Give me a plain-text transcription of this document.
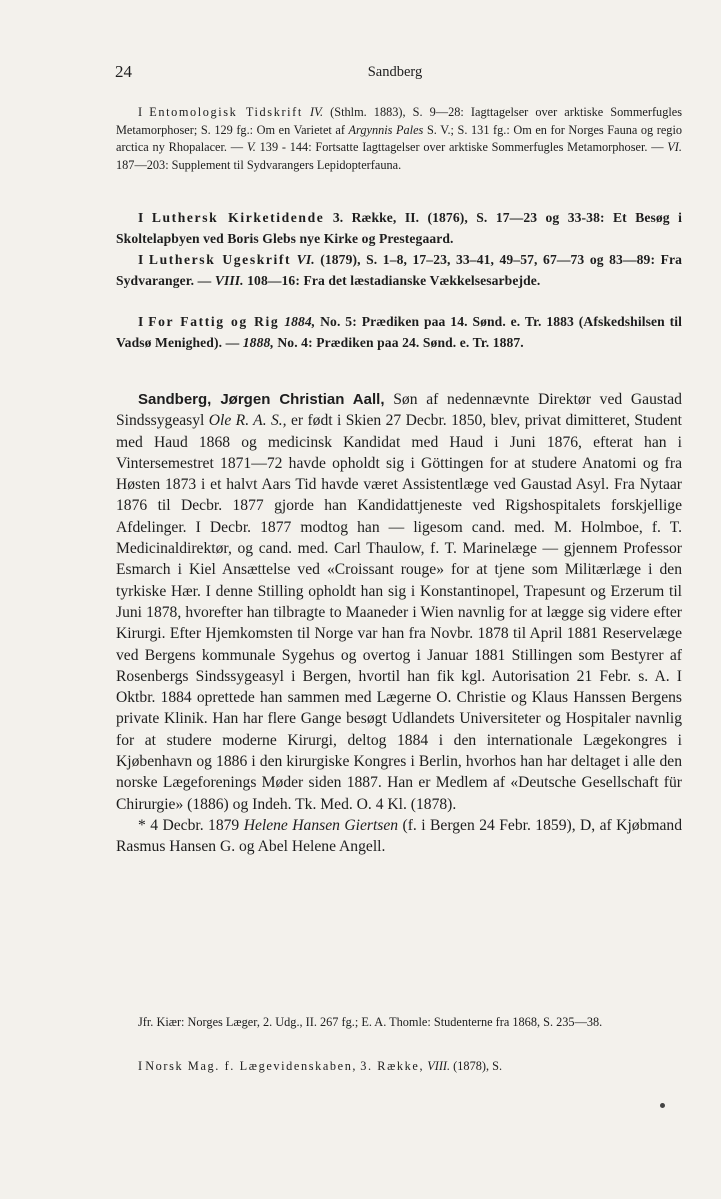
24	Sandberg

I Entomologisk Tidskrift IV. (Sthlm. 1883), S. 9—28: Iagttagelser over arktiske Sommerfugles Metamorphoser; S. 129 fg.: Om en Varietet af Argynnis Pales S. V.; S. 131 fg.: Om en for Norges Fauna og regio arctica ny Rhopalacer. — V. 139 - 144: Fortsatte Iagttagelser over arktiske Sommerfugles Metamorphoser. — VI. 187—203: Supplement til Sydvarangers Lepidopterfauna.

I Luthersk Kirketidende 3. Række, II. (1876), S. 17—23 og 33-38: Et Besøg i Skoltelapbyen ved Boris Glebs nye Kirke og Prestegaard.

I Luthersk Ugeskrift VI. (1879), S. 1–8, 17–23, 33–41, 49–57, 67—73 og 83—89: Fra Sydvaranger. — VIII. 108—16: Fra det læstadianske Vækkelsesarbejde.

I For Fattig og Rig 1884, No. 5: Prædiken paa 14. Sønd. e. Tr. 1883 (Afskedshilsen til Vadsø Menighed). — 1888, No. 4: Prædiken paa 24. Sønd. e. Tr. 1887.

Sandberg, Jørgen Christian Aall, Søn af nedennævnte Direktør ved Gaustad Sindssygeasyl Ole R. A. S., er født i Skien 27 Decbr. 1850, blev, privat dimitteret, Student med Haud 1868 og medicinsk Kandidat med Haud i Juni 1876, efterat han i Vintersemestret 1871—72 havde opholdt sig i Göttingen for at studere Anatomi og fra Høsten 1873 i et halvt Aars Tid havde været Assistentlæge ved Gaustad Asyl. Fra Nytaar 1876 til Decbr. 1877 gjorde han Kandidattjeneste ved Rigshospitalets forskjellige Afdelinger. I Decbr. 1877 modtog han — ligesom cand. med. M. Holmboe, f. T. Medicinaldirektør, og cand. med. Carl Thaulow, f. T. Marinelæge — gjennem Professor Esmarch i Kiel Ansættelse ved «Croissant rouge» for at tjene som Militærlæge i den tyrkiske Hær. I denne Stilling opholdt han sig i Konstantinopel, Trapesunt og Erzerum til Juni 1878, hvorefter han tilbragte to Maaneder i Wien navnlig for at lægge sig videre efter Kirurgi. Efter Hjemkomsten til Norge var han fra Novbr. 1878 til April 1881 Reservelæge ved Bergens kommunale Sygehus og overtog i Januar 1881 Stillingen som Bestyrer af Rosenbergs Sindssygeasyl i Bergen, hvortil han fik kgl. Autorisation 21 Febr. s. A. I Oktbr. 1884 oprettede han sammen med Lægerne O. Christie og Klaus Hanssen Bergens private Klinik. Han har flere Gange besøgt Udlandets Universiteter og Hospitaler navnlig for at studere moderne Kirurgi, deltog 1884 i den internationale Lægekongres i Kjøbenhavn og 1886 i den kirurgiske Kongres i Berlin, hvorhos han har deltaget i alle den norske Lægeforenings Møder siden 1887. Han er Medlem af «Deutsche Gesellschaft für Chirurgie» (1886) og Indeh. Tk. Med. O. 4 Kl. (1878).

* 4 Decbr. 1879 Helene Hansen Giertsen (f. i Bergen 24 Febr. 1859), D, af Kjøbmand Rasmus Hansen G. og Abel Helene Angell.

Jfr. Kiær: Norges Læger, 2. Udg., II. 267 fg.; E. A. Thomle: Studenterne fra 1868, S. 235—38.

I Norsk Mag. f. Lægevidenskaben, 3. Række, VIII. (1878), S.
